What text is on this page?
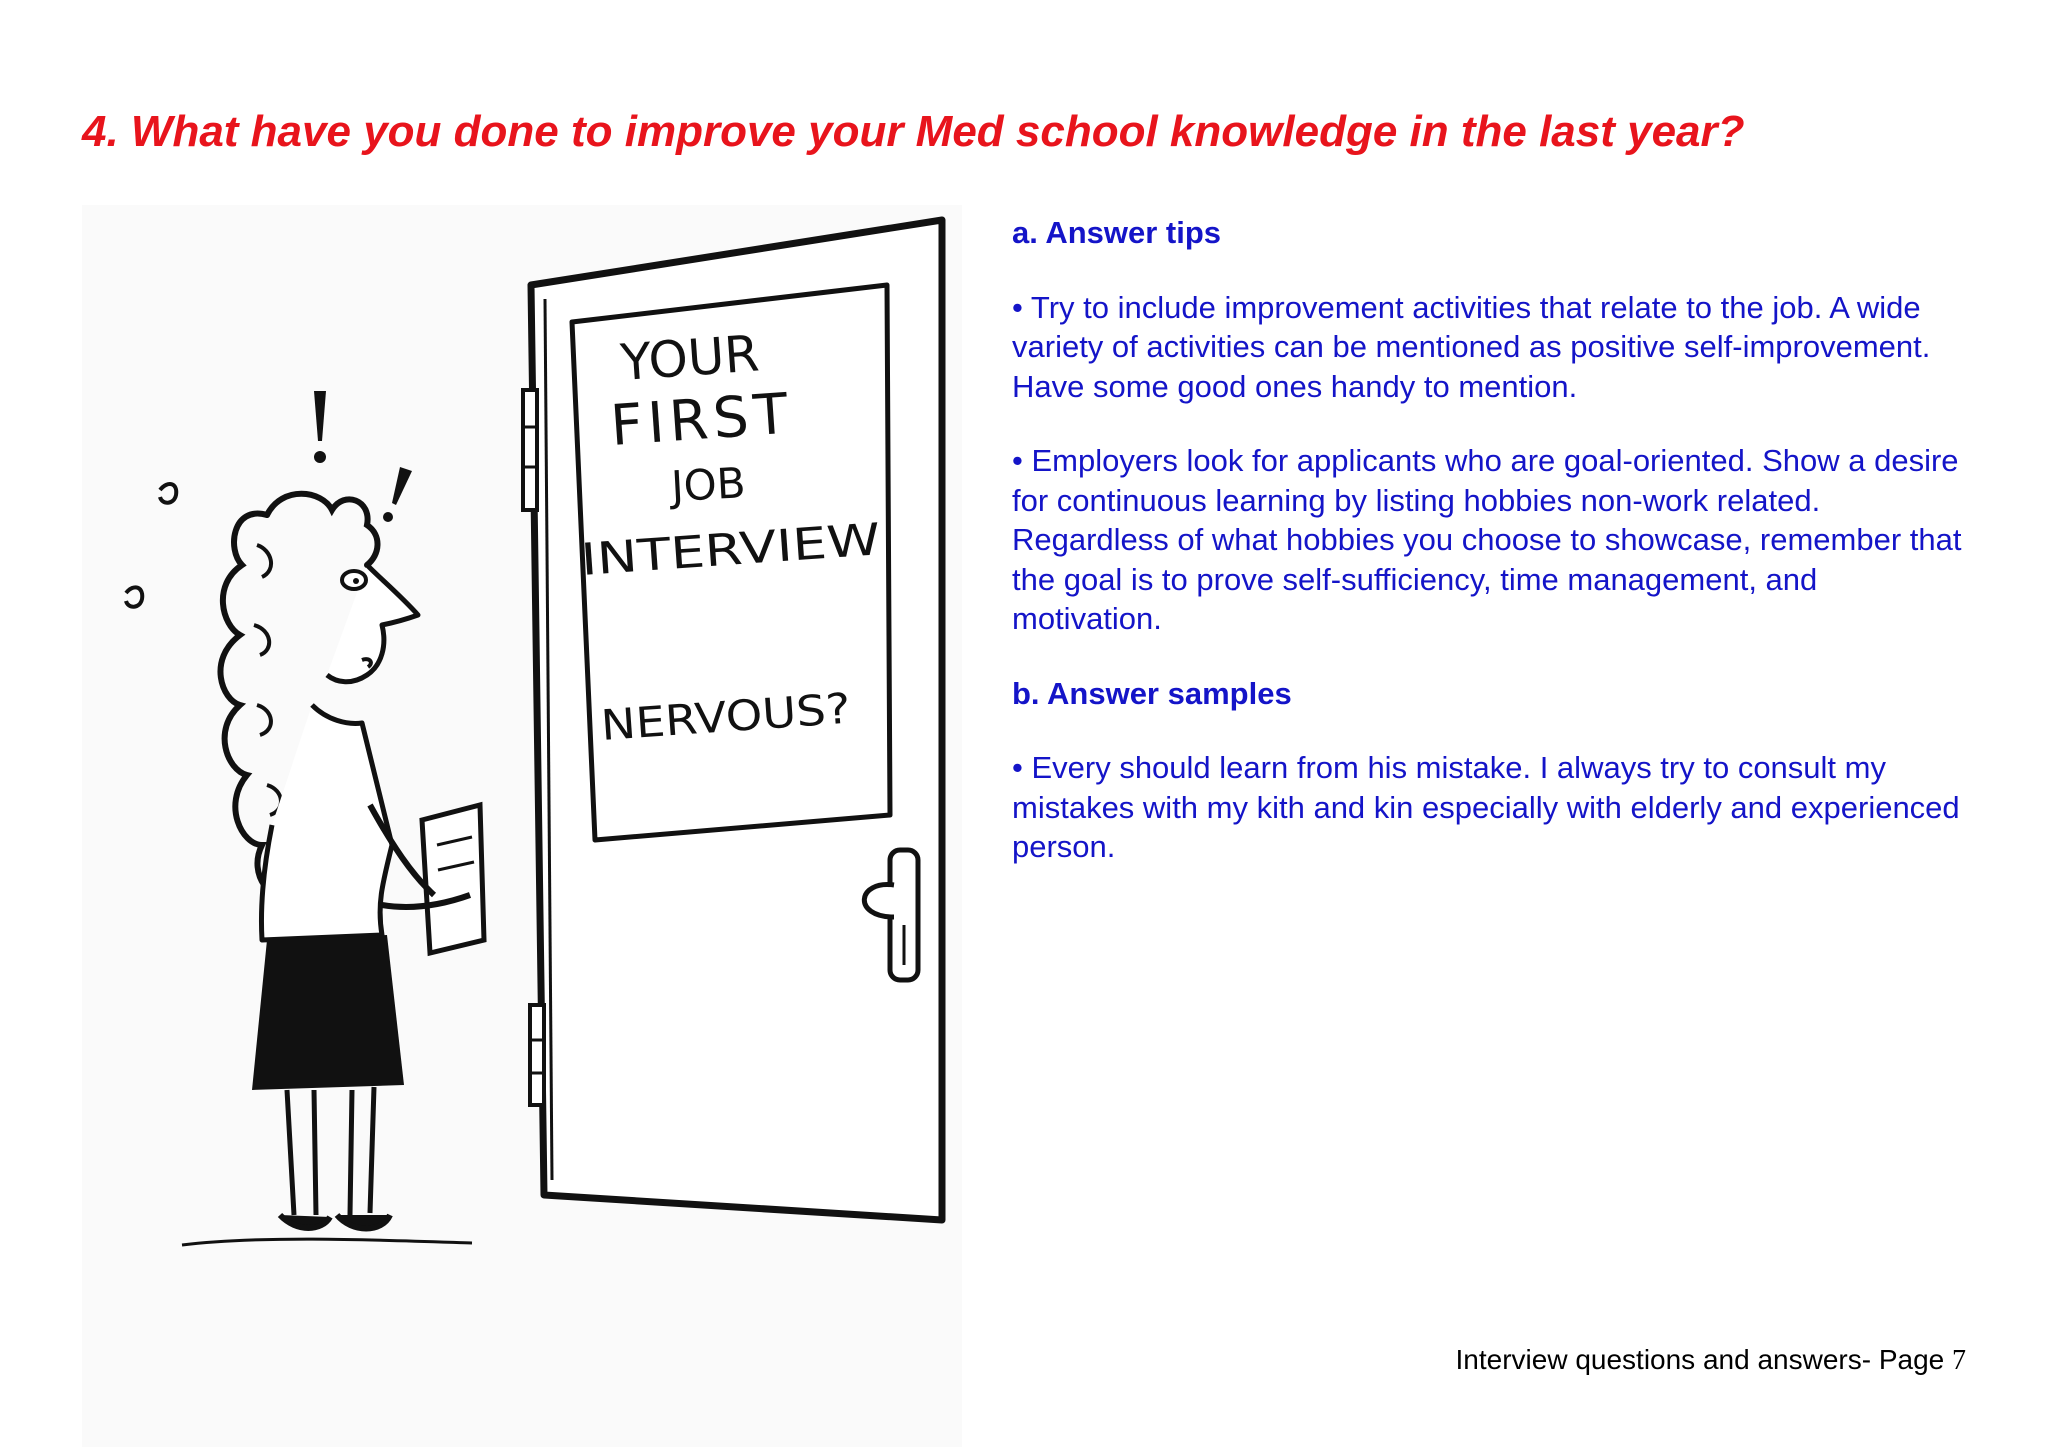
4. What have you done to improve your Med school knowledge in the last year?
YOUR
FIRST
JOB
INTERVIEW
NERVOUS?
a. Answer tips
• Try to include improvement activities that relate to the job. A wide variety of activities can be mentioned as positive self-improvement. Have some good ones handy to mention.
• Employers look for applicants who are goal-oriented. Show a desire for continuous learning by listing hobbies non-work related. Regardless of what hobbies you choose to showcase, remember that the goal is to prove self-sufficiency, time management, and motivation.
b. Answer samples
• Every should learn from his mistake. I always try to consult my mistakes with my kith and kin especially with elderly and experienced person.
Interview questions and answers- Page 7
